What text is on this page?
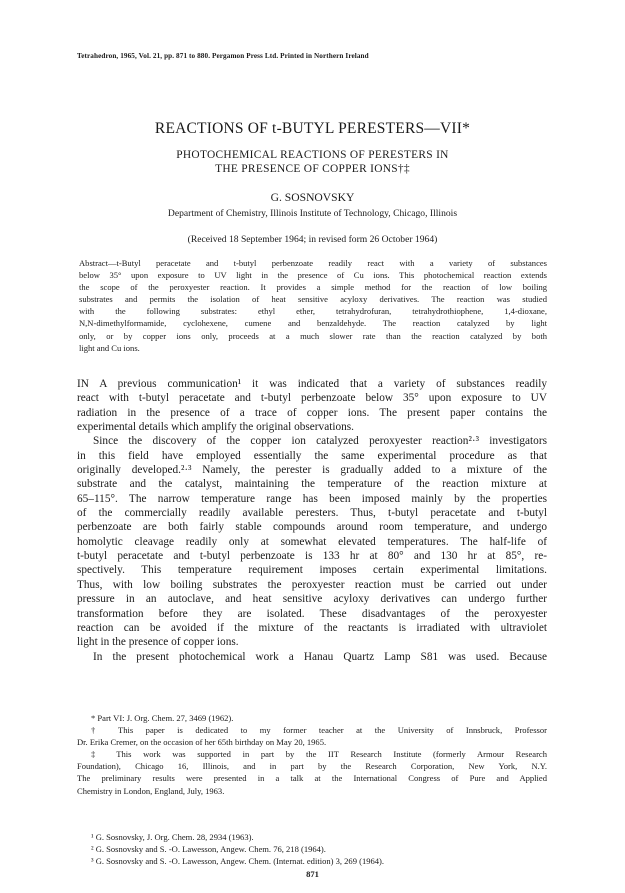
Tetrahedron, 1965, Vol. 21, pp. 871 to 880. Pergamon Press Ltd. Printed in Northern Ireland
REACTIONS OF t-BUTYL PERESTERS—VII*
PHOTOCHEMICAL REACTIONS OF PERESTERS IN
THE PRESENCE OF COPPER IONS†‡
G. SOSNOVSKY
Department of Chemistry, Illinois Institute of Technology, Chicago, Illinois
(Received 18 September 1964; in revised form 26 October 1964)
Abstract—t-Butyl peracetate and t-butyl perbenzoate readily react with a variety of substances
below 35° upon exposure to UV light in the presence of Cu ions. This photochemical reaction extends
the scope of the peroxyester reaction. It provides a simple method for the reaction of low boiling
substrates and permits the isolation of heat sensitive acyloxy derivatives. The reaction was studied
with the following substrates: ethyl ether, tetrahydrofuran, tetrahydrothiophene, 1,4-dioxane,
N,N-dimethylformamide, cyclohexene, cumene and benzaldehyde. The reaction catalyzed by light
only, or by copper ions only, proceeds at a much slower rate than the reaction catalyzed by both
light and Cu ions.
IN A previous communication¹ it was indicated that a variety of substances readily
react with t-butyl peracetate and t-butyl perbenzoate below 35° upon exposure to UV
radiation in the presence of a trace of copper ions. The present paper contains the
experimental details which amplify the original observations.
Since the discovery of the copper ion catalyzed peroxyester reaction²·³ investigators
in this field have employed essentially the same experimental procedure as that
originally developed.²·³ Namely, the perester is gradually added to a mixture of the
substrate and the catalyst, maintaining the temperature of the reaction mixture at
65–115°. The narrow temperature range has been imposed mainly by the properties
of the commercially readily available peresters. Thus, t-butyl peracetate and t-butyl
perbenzoate are both fairly stable compounds around room temperature, and undergo
homolytic cleavage readily only at somewhat elevated temperatures. The half-life of
t-butyl peracetate and t-butyl perbenzoate is 133 hr at 80° and 130 hr at 85°, re-
spectively. This temperature requirement imposes certain experimental limitations.
Thus, with low boiling substrates the peroxyester reaction must be carried out under
pressure in an autoclave, and heat sensitive acyloxy derivatives can undergo further
transformation before they are isolated. These disadvantages of the peroxyester
reaction can be avoided if the mixture of the reactants is irradiated with ultraviolet
light in the presence of copper ions.
In the present photochemical work a Hanau Quartz Lamp S81 was used. Because
* Part VI: J. Org. Chem. 27, 3469 (1962).
† This paper is dedicated to my former teacher at the University of Innsbruck, Professor
Dr. Erika Cremer, on the occasion of her 65th birthday on May 20, 1965.
‡ This work was supported in part by the IIT Research Institute (formerly Armour Research
Foundation), Chicago 16, Illinois, and in part by the Research Corporation, New York, N.Y.
The preliminary results were presented in a talk at the International Congress of Pure and Applied
Chemistry in London, England, July, 1963.
¹ G. Sosnovsky, J. Org. Chem. 28, 2934 (1963).
² G. Sosnovsky and S. -O. Lawesson, Angew. Chem. 76, 218 (1964).
³ G. Sosnovsky and S. -O. Lawesson, Angew. Chem. (Internat. edition) 3, 269 (1964).
871
